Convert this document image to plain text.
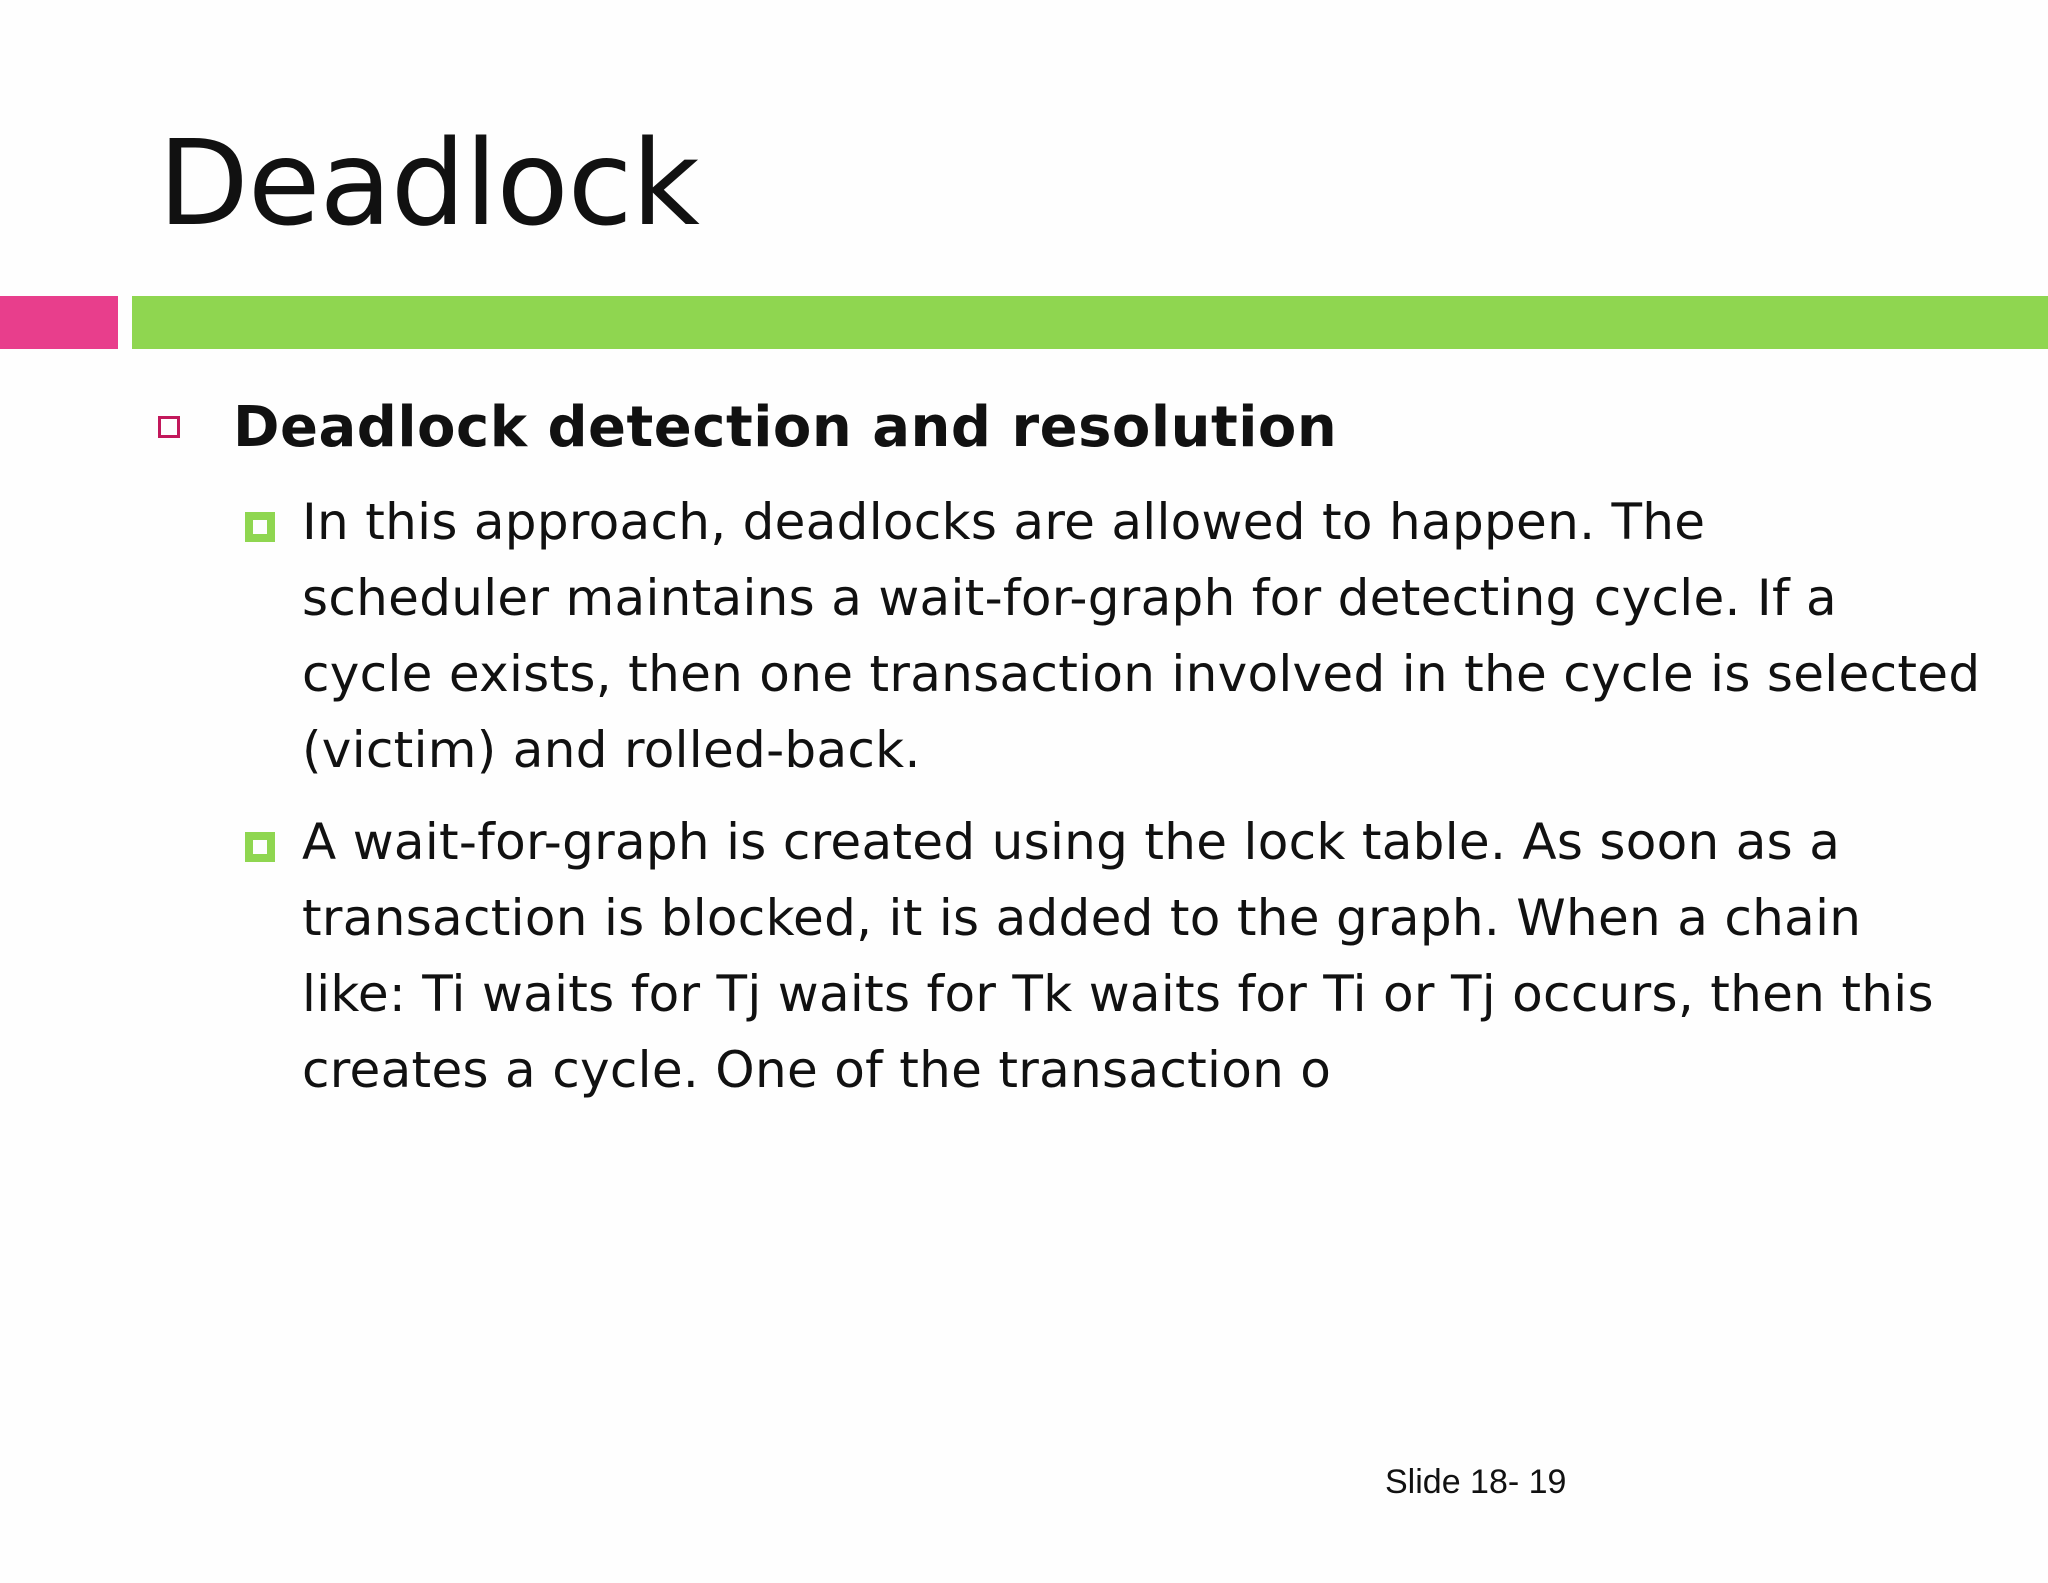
Deadlock
Deadlock detection and resolution
In this approach, deadlocks are allowed to happen. The
scheduler maintains a wait-for-graph for detecting cycle. If a
cycle exists, then one transaction involved in the cycle is selected
(victim) and rolled-back.
A wait-for-graph is created using the lock table. As soon as a
transaction is blocked, it is added to the graph. When a chain
like: Ti waits for Tj waits for Tk waits for Ti or Tj occurs, then this
creates a cycle. One of the transaction o
Slide 18- 19
